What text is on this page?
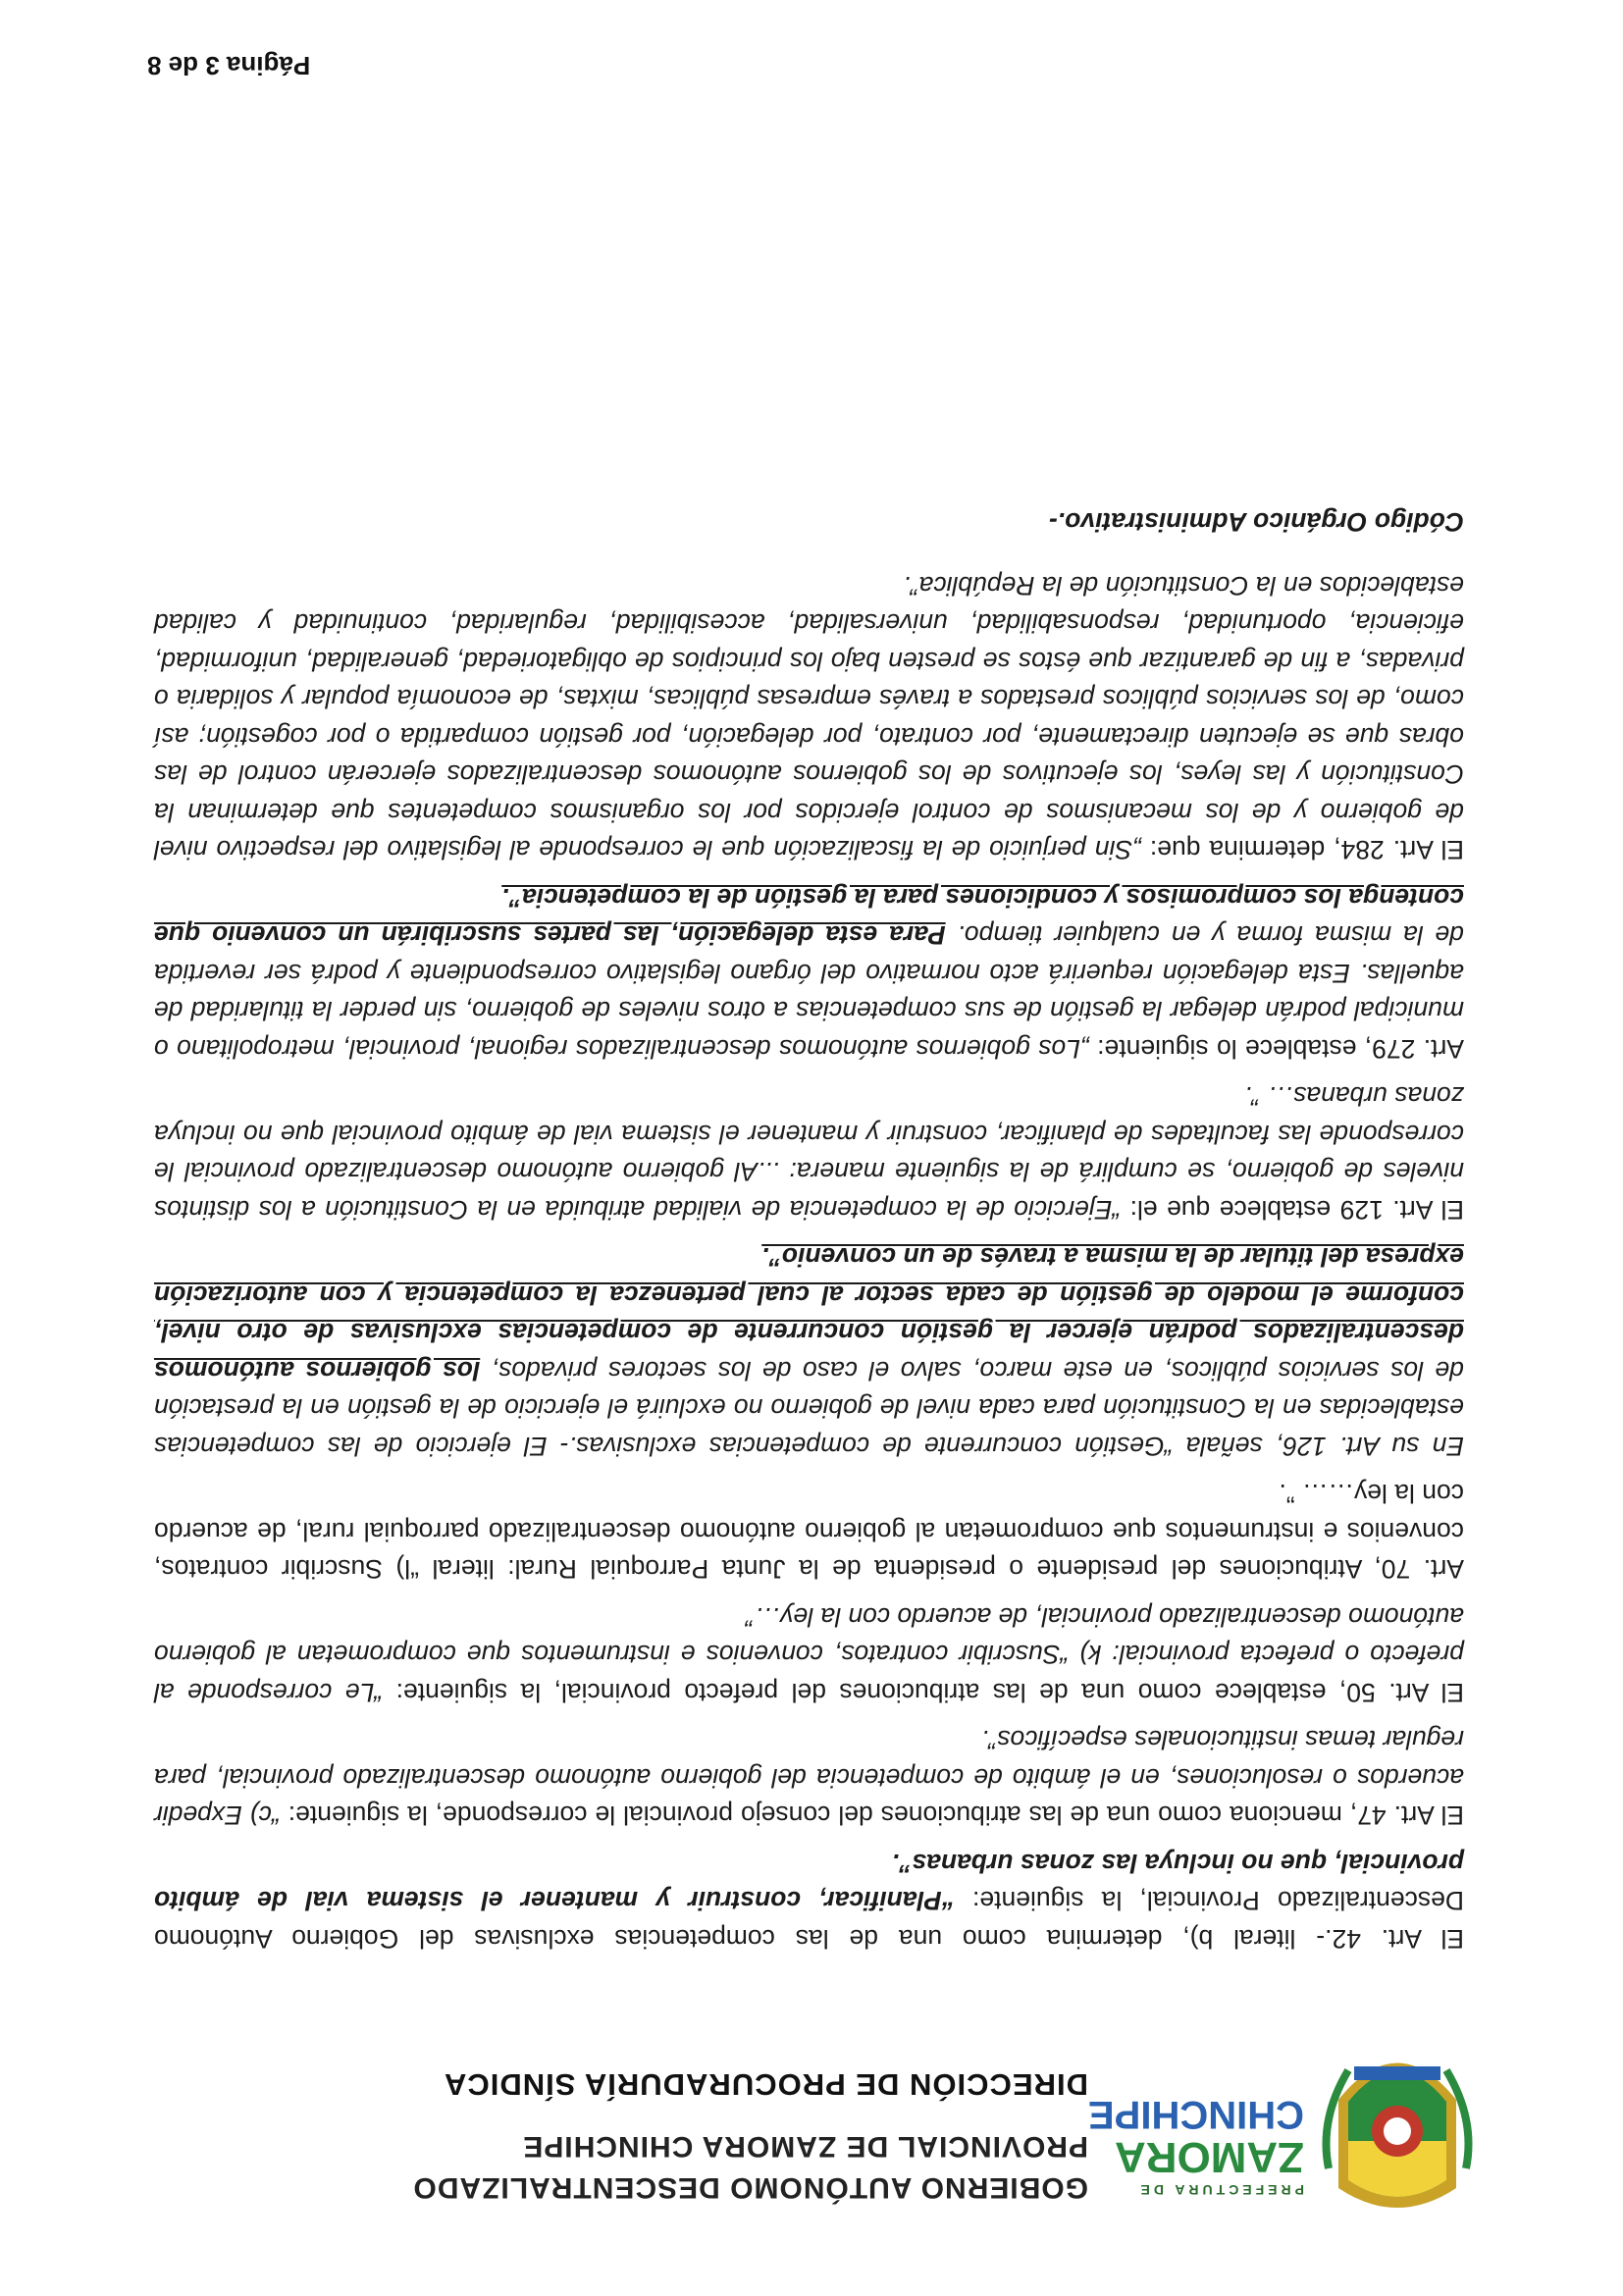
PREFECTURA DE
ZAMORA
CHINCHIPE
GOBIERNO AUTÓNOMO DESCENTRALIZADO
PROVINCIAL DE ZAMORA CHINCHIPE
DIRECCIÓN DE PROCURADURÍA SÍNDICA

El Art. 42.- literal b), determina como una de las competencias exclusivas del Gobierno Autónomo Descentralizado Provincial, la siguiente: “Planificar, construir y mantener el sistema vial de ámbito provincial, que no incluya las zonas urbanas”.

El Art. 47, menciona como una de las atribuciones del consejo provincial le corresponde, la siguiente: “c) Expedir acuerdos o resoluciones, en el ámbito de competencia del gobierno autónomo descentralizado provincial, para regular temas institucionales específicos”.

El Art. 50, establece como una de las atribuciones del prefecto provincial, la siguiente: “Le corresponde al prefecto o prefecta provincial: k) “Suscribir contratos, convenios e instrumentos que comprometan al gobierno autónomo descentralizado provincial, de acuerdo con la ley…”

Art. 70, Atribuciones del presidente o presidenta de la Junta Parroquial Rural: literal “l) Suscribir contratos, convenios e instrumentos que comprometan al gobierno autónomo descentralizado parroquial rural, de acuerdo con la ley…… ”.

En su Art. 126, señala “Gestión concurrente de competencias exclusivas.- El ejercicio de las competencias establecidas en la Constitución para cada nivel de gobierno no excluirá el ejercicio de la gestión en la prestación de los servicios públicos, en este marco, salvo el caso de los sectores privados, los gobiernos autónomos descentralizados podrán ejercer la gestión concurrente de competencias exclusivas de otro nivel, conforme el modelo de gestión de cada sector al cual pertenezca la competencia y con autorización expresa del titular de la misma a través de un convenio”.

El Art. 129 establece que el: “Ejercicio de la competencia de vialidad atribuida en la Constitución a los distintos niveles de gobierno, se cumplirá de la siguiente manera: ...Al gobierno autónomo descentralizado provincial le corresponde las facultades de planificar, construir y mantener el sistema vial de ámbito provincial que no incluya zonas urbanas… ”.

Art. 279, establece lo siguiente: „Los gobiernos autónomos descentralizados regional, provincial, metropolitano o municipal podrán delegar la gestión de sus competencias a otros niveles de gobierno, sin perder la titularidad de aquellas. Esta delegación requerirá acto normativo del órgano legislativo correspondiente y podrá ser revertida de la misma forma y en cualquier tiempo. Para esta delegación, las partes suscribirán un convenio que contenga los compromisos y condiciones para la gestión de la competencia”.

El Art. 284, determina que: „Sin perjuicio de la fiscalización que le corresponde al legislativo del respectivo nivel de gobierno y de los mecanismos de control ejercidos por los organismos competentes que determinan la Constitución y las leyes, los ejecutivos de los gobiernos autónomos descentralizados ejercerán control de las obras que se ejecuten directamente, por contrato, por delegación, por gestión compartida o por cogestión; así como, de los servicios públicos prestados a través empresas públicas, mixtas, de economía popular y solidaria o privadas, a fin de garantizar que éstos se presten bajo los principios de obligatoriedad, generalidad, uniformidad, eficiencia, oportunidad, responsabilidad, universalidad, accesibilidad, regularidad, continuidad y calidad establecidos en la Constitución de la República”.

Código Orgánico Administrativo.-

Página 3 de 8
